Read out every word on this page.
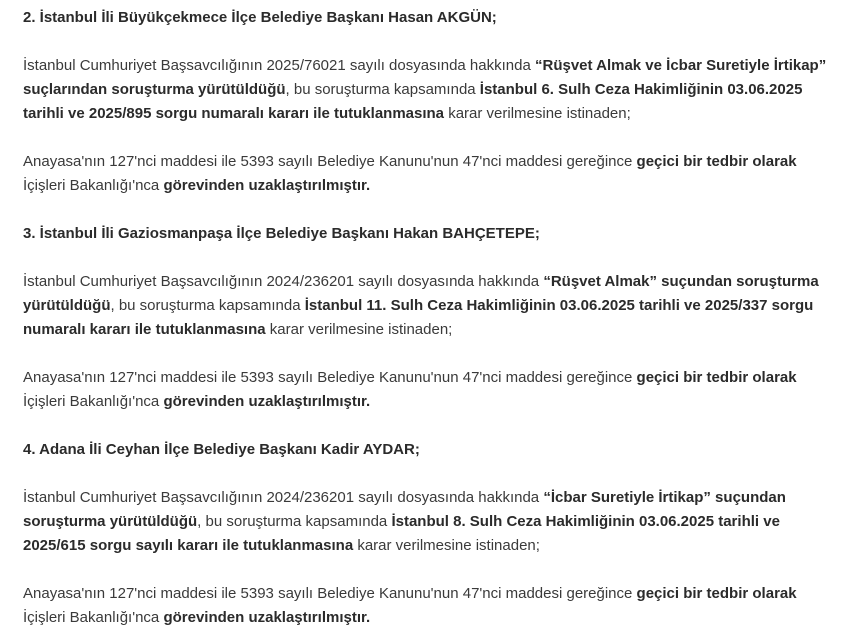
2. İstanbul İli Büyükçekmece İlçe Belediye Başkanı Hasan AKGÜN;

İstanbul Cumhuriyet Başsavcılığının 2025/76021 sayılı dosyasında hakkında “Rüşvet Almak ve İcbar Suretiyle İrtikap” suçlarından soruşturma yürütüldüğü, bu soruşturma kapsamında İstanbul 6. Sulh Ceza Hakimliğinin 03.06.2025 tarihli ve 2025/895 sorgu numaralı kararı ile tutuklanmasına karar verilmesine istinaden;

Anayasa'nın 127'nci maddesi ile 5393 sayılı Belediye Kanunu'nun 47'nci maddesi gereğince geçici bir tedbir olarak İçişleri Bakanlığı'nca görevinden uzaklaştırılmıştır.

3. İstanbul İli Gaziosmanpaşa İlçe Belediye Başkanı Hakan BAHÇETEPE;

İstanbul Cumhuriyet Başsavcılığının 2024/236201 sayılı dosyasında hakkında “Rüşvet Almak” suçundan soruşturma yürütüldüğü, bu soruşturma kapsamında İstanbul 11. Sulh Ceza Hakimliğinin 03.06.2025 tarihli ve 2025/337 sorgu numaralı kararı ile tutuklanmasına karar verilmesine istinaden;

Anayasa'nın 127'nci maddesi ile 5393 sayılı Belediye Kanunu'nun 47'nci maddesi gereğince geçici bir tedbir olarak İçişleri Bakanlığı'nca görevinden uzaklaştırılmıştır.

4. Adana İli Ceyhan İlçe Belediye Başkanı Kadir AYDAR;

İstanbul Cumhuriyet Başsavcılığının 2024/236201 sayılı dosyasında hakkında “İcbar Suretiyle İrtikap” suçundan soruşturma yürütüldüğü, bu soruşturma kapsamında İstanbul 8. Sulh Ceza Hakimliğinin 03.06.2025 tarihli ve 2025/615 sorgu sayılı kararı ile tutuklanmasına karar verilmesine istinaden;

Anayasa'nın 127'nci maddesi ile 5393 sayılı Belediye Kanunu'nun 47'nci maddesi gereğince geçici bir tedbir olarak İçişleri Bakanlığı'nca görevinden uzaklaştırılmıştır.
